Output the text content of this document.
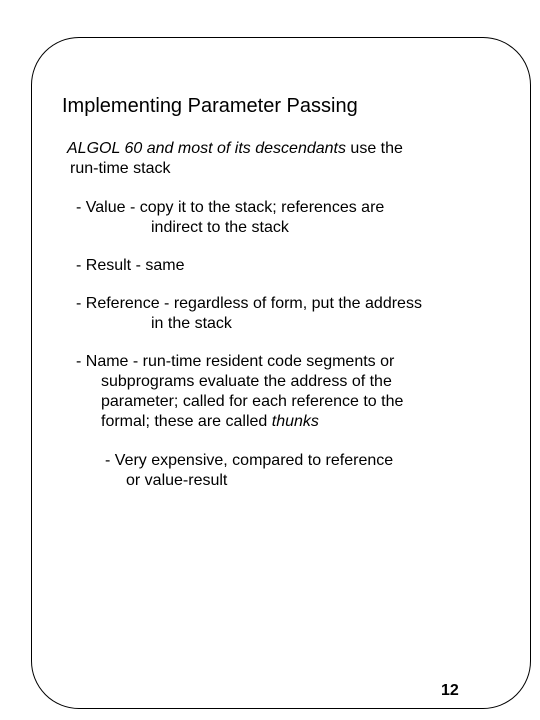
Implementing Parameter Passing

ALGOL 60 and most of its descendants use the

run-time stack

- Value - copy it to the stack; references are

indirect to the stack

- Result - same

- Reference - regardless of form, put the address

in the stack

- Name - run-time resident code segments or

subprograms evaluate the address of the

parameter; called for each reference to the

formal; these are called thunks

- Very expensive, compared to reference

or value-result

12
